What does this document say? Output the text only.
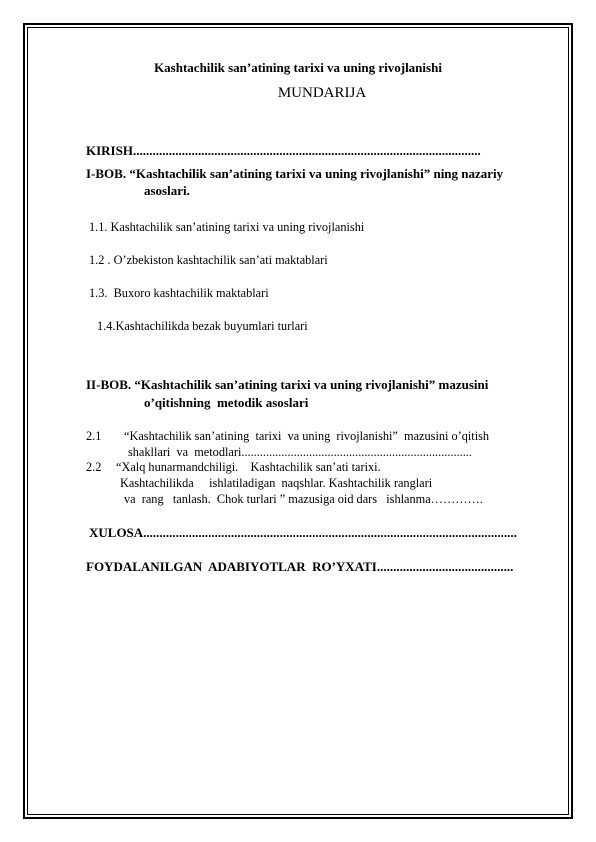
Kashtachilik san’atining tarixi va uning rivojlanishi
MUNDARIJA
KIRISH...........................................................................................................
I-BOB. “Kashtachilik san’atining tarixi va uning rivojlanishi” ning nazariy
asoslari.
1.1. Kashtachilik san’atining tarixi va uning rivojlanishi
1.2 . O’zbekiston kashtachilik san’ati maktablari
1.3.  Buxoro kashtachilik maktablari
1.4.Kashtachilikda bezak buyumlari turlari
II-BOB. “Kashtachilik san’atining tarixi va uning rivojlanishi” mazusini
o’qitishning  metodik asoslari
2.1 “Kashtachilik san’atining  tarixi  va uning  rivojlanishi”  mazusini o’qitish
shakllari  va  metodlari...........................................................................
2.2 “Xalq hunarmandchiligi.    Kashtachilik san’ati tarixi.
Kashtachilikda     ishlatiladigan  naqshlar. Kashtachilik ranglari
va  rang   tanlash.  Chok turlari ” mazusiga oid dars   ishlanma………….
XULOSA...................................................................................................................
FOYDALANILGAN  ADABIYOTLAR  RO’YXATI..........................................
